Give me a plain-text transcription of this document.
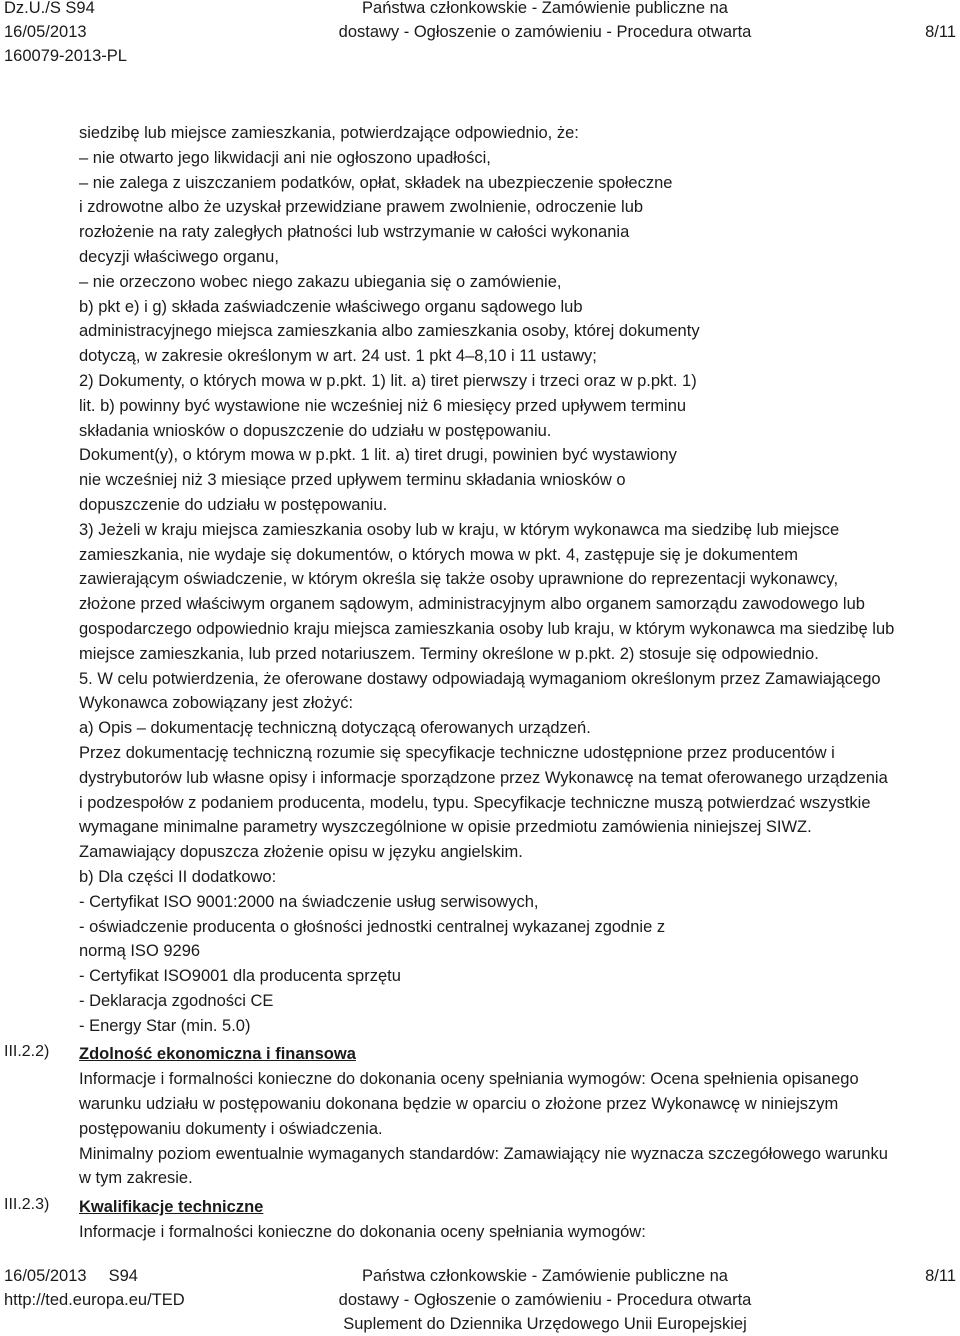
Dz.U./S S94
16/05/2013
160079-2013-PL
Państwa członkowskie - Zamówienie publiczne na
dostawy - Ogłoszenie o zamówieniu - Procedura otwarta	8/11

siedzibę lub miejsce zamieszkania, potwierdzające odpowiednio, że:

– nie otwarto jego likwidacji ani nie ogłoszono upadłości,

– nie zalega z uiszczaniem podatków, opłat, składek na ubezpieczenie społeczne

i zdrowotne albo że uzyskał przewidziane prawem zwolnienie, odroczenie lub

rozłożenie na raty zaległych płatności lub wstrzymanie w całości wykonania

decyzji właściwego organu,

– nie orzeczono wobec niego zakazu ubiegania się o zamówienie,

b) pkt e) i g) składa zaświadczenie właściwego organu sądowego lub

administracyjnego miejsca zamieszkania albo zamieszkania osoby, której dokumenty

dotyczą, w zakresie określonym w art. 24 ust. 1 pkt 4–8,10 i 11 ustawy;

2) Dokumenty, o których mowa w p.pkt. 1) lit. a) tiret pierwszy i trzeci oraz w p.pkt. 1)

lit. b) powinny być wystawione nie wcześniej niż 6 miesięcy przed upływem terminu

składania wniosków o dopuszczenie do udziału w postępowaniu.

Dokument(y), o którym mowa w p.pkt. 1 lit. a) tiret drugi, powinien być wystawiony

nie wcześniej niż 3 miesiące przed upływem terminu składania wniosków o

dopuszczenie do udziału w postępowaniu.

3) Jeżeli w kraju miejsca zamieszkania osoby lub w kraju, w którym wykonawca ma siedzibę lub miejsce

zamieszkania, nie wydaje się dokumentów, o których mowa w pkt. 4, zastępuje się je dokumentem

zawierającym oświadczenie, w którym określa się także osoby uprawnione do reprezentacji wykonawcy,

złożone przed właściwym organem sądowym, administracyjnym albo organem samorządu zawodowego lub

gospodarczego odpowiednio kraju miejsca zamieszkania osoby lub kraju, w którym wykonawca ma siedzibę lub

miejsce zamieszkania, lub przed notariuszem. Terminy określone w p.pkt. 2) stosuje się odpowiednio.

5. W celu potwierdzenia, że oferowane dostawy odpowiadają wymaganiom określonym przez Zamawiającego

Wykonawca zobowiązany jest złożyć:

a) Opis – dokumentację techniczną dotyczącą oferowanych urządzeń.

Przez dokumentację techniczną rozumie się specyfikacje techniczne udostępnione przez producentów i

dystrybutorów lub własne opisy i informacje sporządzone przez Wykonawcę na temat oferowanego urządzenia

i podzespołów z podaniem producenta, modelu, typu. Specyfikacje techniczne muszą potwierdzać wszystkie

wymagane minimalne parametry wyszczególnione w opisie przedmiotu zamówienia niniejszej SIWZ.

Zamawiający dopuszcza złożenie opisu w języku angielskim.

b) Dla części II dodatkowo:

- Certyfikat ISO 9001:2000 na świadczenie usług serwisowych,

- oświadczenie producenta o głośności jednostki centralnej wykazanej zgodnie z

normą ISO 9296

- Certyfikat ISO9001 dla producenta sprzętu

- Deklaracja zgodności CE

- Energy Star (min. 5.0)

Zdolność ekonomiczna i finansowa

Informacje i formalności konieczne do dokonania oceny spełniania wymogów: Ocena spełnienia opisanego

warunku udziału w postępowaniu dokonana będzie w oparciu o złożone przez Wykonawcę w niniejszym

postępowaniu dokumenty i oświadczenia.

Minimalny poziom ewentualnie wymaganych standardów: Zamawiający nie wyznacza szczegółowego warunku

w tym zakresie.

Kwalifikacje techniczne

Informacje i formalności konieczne do dokonania oceny spełniania wymogów:

III.2.2)
III.2.3)
16/05/2013 S94
http://ted.europa.eu/TED
Państwa członkowskie - Zamówienie publiczne na
dostawy - Ogłoszenie o zamówieniu - Procedura otwarta
Suplement do Dziennika Urzędowego Unii Europejskiej
8/11
